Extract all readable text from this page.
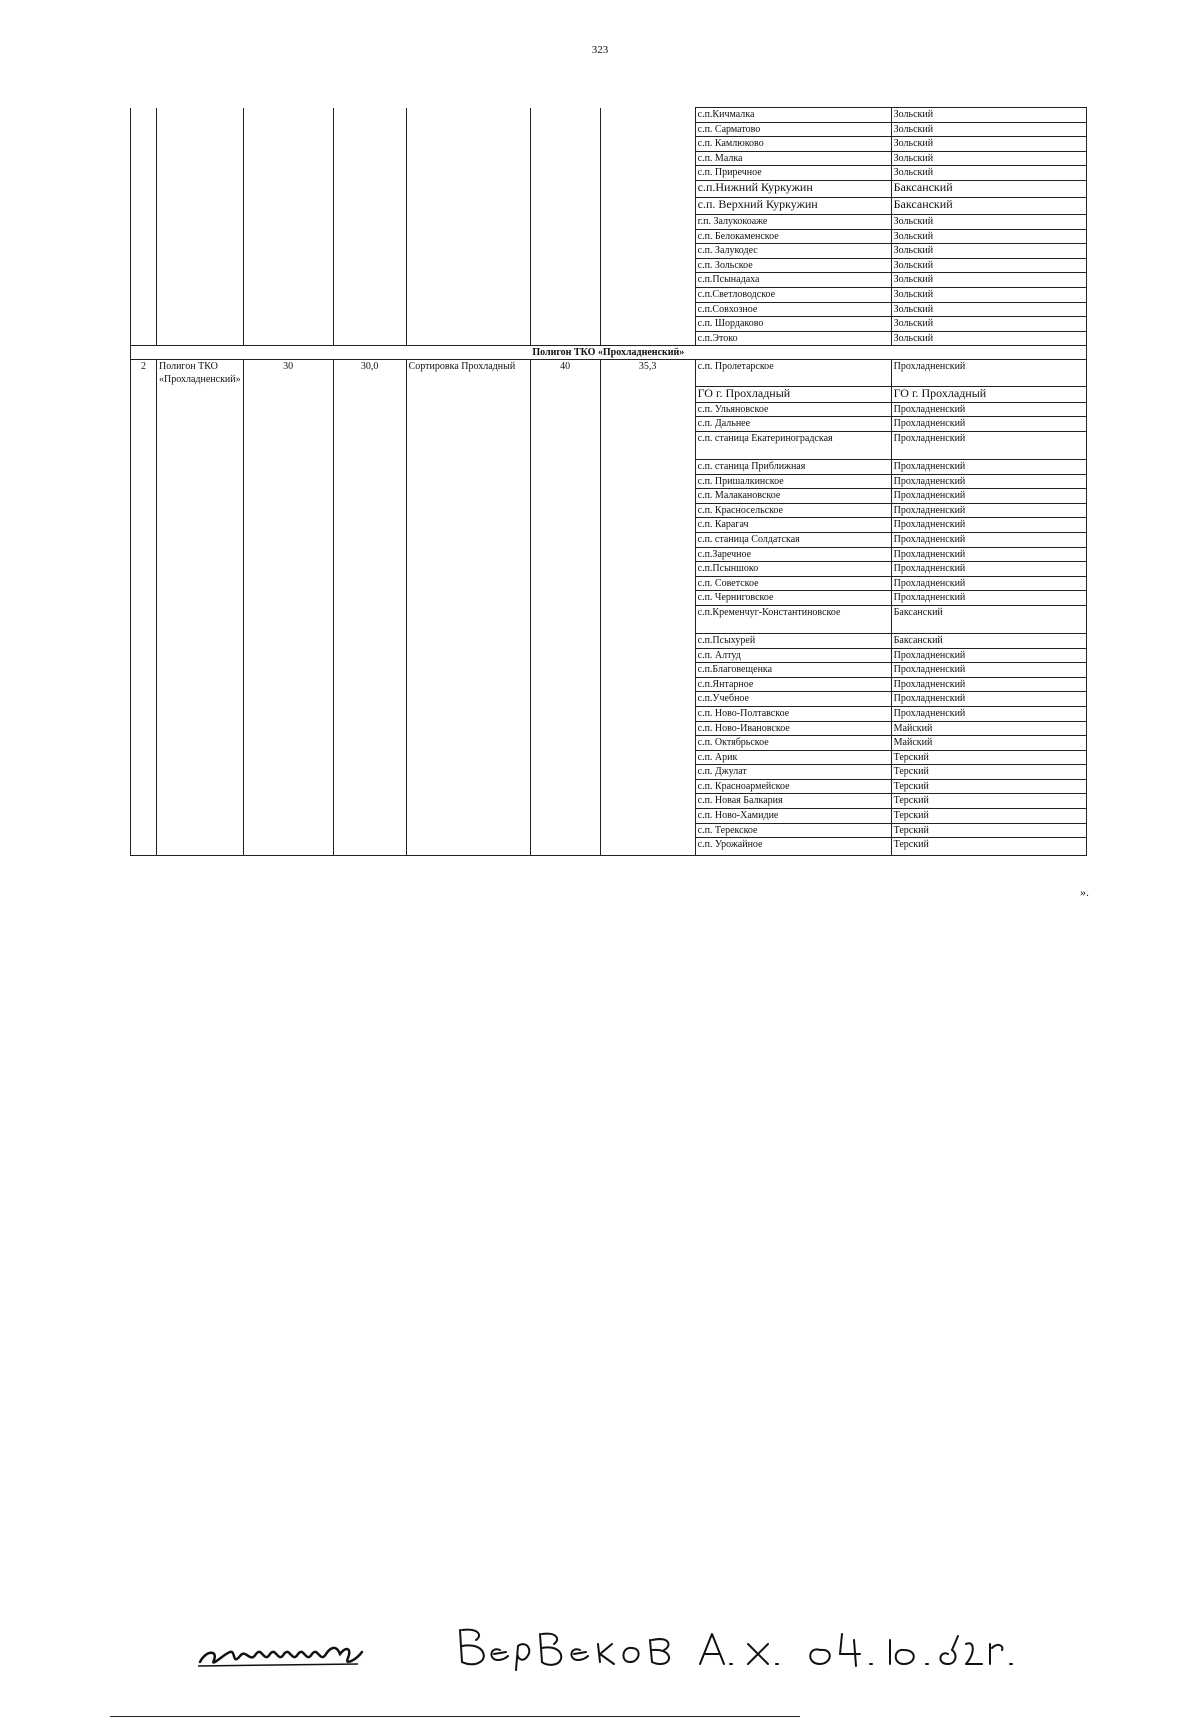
323
							с.п.Кичмалка	Зольский
							с.п. Сарматово	Зольский
							с.п. Камлюково	Зольский
							с.п. Малка	Зольский
							с.п. Приречное	Зольский
							с.п.Нижний Куркужин	Баксанский
							с.п. Верхний Куркужин	Баксанский
							г.п. Залукокоаже	Зольский
							с.п. Белокаменское	Зольский
							с.п. Залукодес	Зольский
							с.п. Зольское	Зольский
							с.п.Псынадаха	Зольский
							с.п.Светловодское	Зольский
							с.п.Совхозное	Зольский
							с.п. Шордаково	Зольский
							с.п.Этоко	Зольский
Полигон ТКО «Прохладненский»								
2	Полигон ТКО «Прохладненский»	30	30,0	Сортировка Прохладный	40	35,3	с.п. Пролетарское	Прохладненский
							ГО г. Прохладный	ГО г. Прохладный
							с.п. Ульяновское	Прохладненский
							с.п. Дальнее	Прохладненский
							с.п. станица Екатериноградская	Прохладненский
							с.п. станица Приближная	Прохладненский
							с.п. Пришалкинское	Прохладненский
							с.п. Малакановское	Прохладненский
							с.п. Красносельское	Прохладненский
							с.п. Карагач	Прохладненский
							с.п. станица Солдатская	Прохладненский
							с.п.Заречное	Прохладненский
							с.п.Псыншоко	Прохладненский
							с.п. Советское	Прохладненский
							с.п. Черниговское	Прохладненский
							с.п.Кременчуг-Константиновское	Баксанский
							с.п.Псыхурей	Баксанский
							с.п. Алтуд	Прохладненский
							с.п.Благовещенка	Прохладненский
							с.п.Янтарное	Прохладненский
							с.п.Учебное	Прохладненский
							с.п. Ново-Полтавское	Прохладненский
							с.п. Ново-Ивановское	Майский
							с.п. Октябрьское	Майский
							с.п. Арик	Терский
							с.п. Джулат	Терский
							с.п. Красноармейское	Терский
							с.п. Новая Балкария	Терский
							с.п. Ново-Хамидие	Терский
							с.п. Терекское	Терский
							с.п. Урожайное	Терский
».
